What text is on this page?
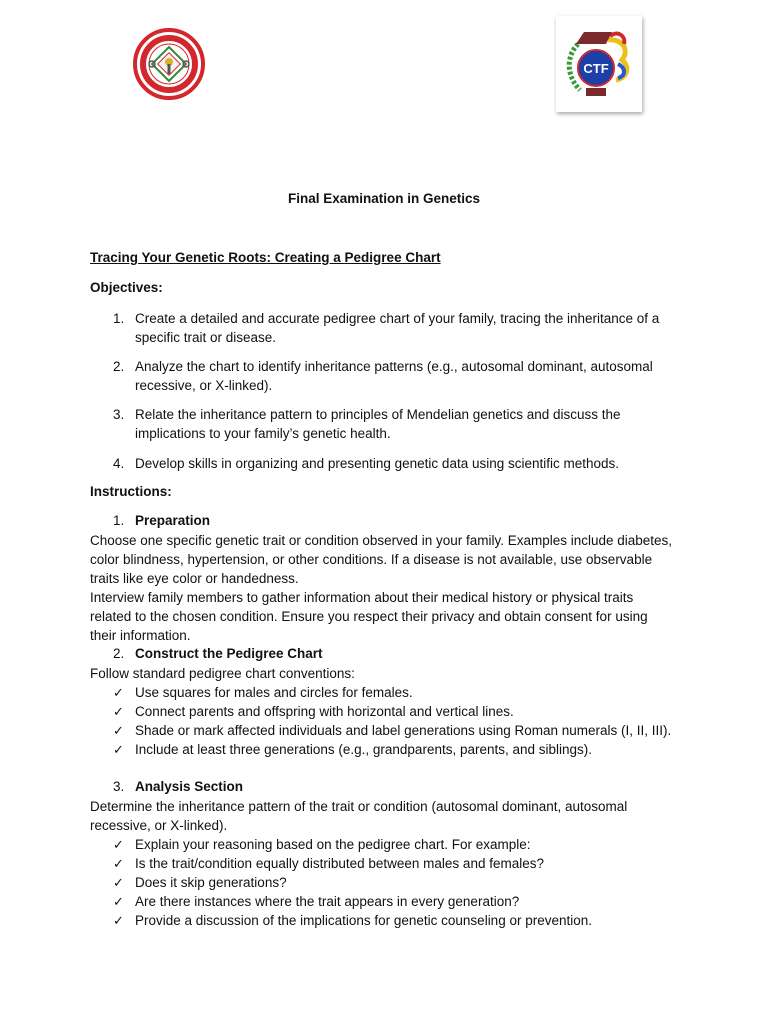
CTF
Final Examination in Genetics
Tracing Your Genetic Roots: Creating a Pedigree Chart
Objectives:
1. Create a detailed and accurate pedigree chart of your family, tracing the inheritance of a specific trait or disease.
2. Analyze the chart to identify inheritance patterns (e.g., autosomal dominant, autosomal recessive, or X-linked).
3. Relate the inheritance pattern to principles of Mendelian genetics and discuss the implications to your family’s genetic health.
4. Develop skills in organizing and presenting genetic data using scientific methods.
Instructions:
1. Preparation

Choose one specific genetic trait or condition observed in your family. Examples include diabetes, color blindness, hypertension, or other conditions. If a disease is not available, use observable traits like eye color or handedness.

Interview family members to gather information about their medical history or physical traits related to the chosen condition. Ensure you respect their privacy and obtain consent for using their information.

2. Construct the Pedigree Chart

Follow standard pedigree chart conventions:

✓ Use squares for males and circles for females.
✓ Connect parents and offspring with horizontal and vertical lines.
✓ Shade or mark affected individuals and label generations using Roman numerals (I, II, III).
✓ Include at least three generations (e.g., grandparents, parents, and siblings).
3. Analysis Section

Determine the inheritance pattern of the trait or condition (autosomal dominant, autosomal recessive, or X-linked).

✓ Explain your reasoning based on the pedigree chart. For example:
✓ Is the trait/condition equally distributed between males and females?
✓ Does it skip generations?
✓ Are there instances where the trait appears in every generation?
✓ Provide a discussion of the implications for genetic counseling or prevention.
